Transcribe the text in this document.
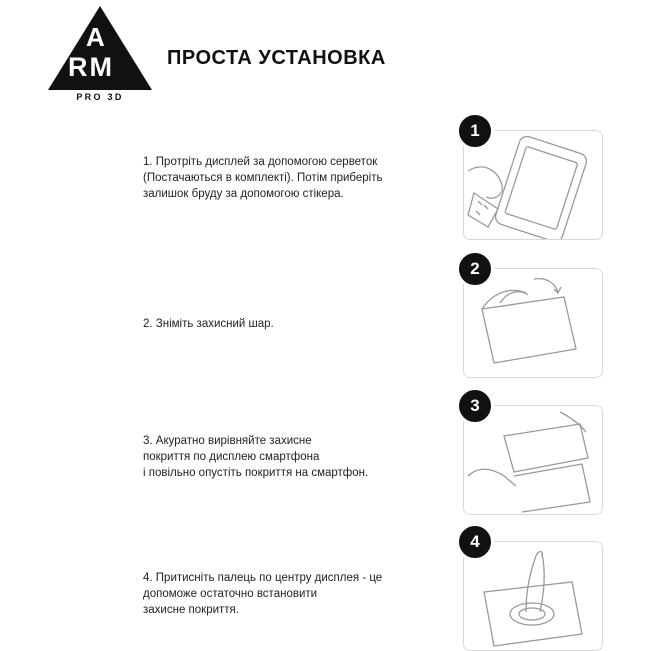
A
RM
PRO 3D
ПРОСТА УСТАНОВКА
1. Протріть дисплей за допомогою серветок
(Постачаються в комплекті). Потім приберіть
залишок бруду за допомогою стікера.
1
2. Зніміть захисний шар.
2
3. Акуратно вирівняйте захисне
покриття по дисплею смартфона
і повільно опустіть покриття на смартфон.
3
4. Притисніть палець по центру дисплея - це
допоможе остаточно встановити
захисне покриття.
4
